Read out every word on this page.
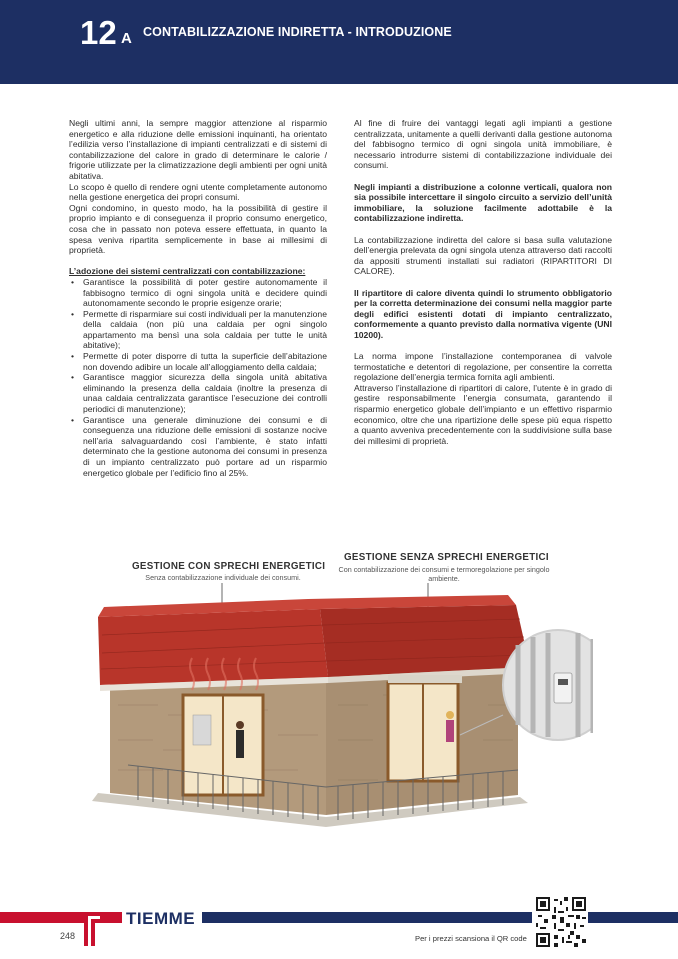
12 A CONTABILIZZAZIONE INDIRETTA - INTRODUZIONE

Negli ultimi anni, la sempre maggior attenzione al risparmio energetico e alla riduzione delle emissioni inquinanti, ha orientato l’edilizia verso l’installazione di impianti centralizzati e di sistemi di contabilizzazione del calore in grado di determinare le calorie / frigorie utilizzate per la climatizzazione degli ambienti per ogni unità abitativa.

Lo scopo è quello di rendere ogni utente completamente autonomo nella gestione energetica dei propri consumi.

Ogni condomino, in questo modo, ha la possibilità di gestire il proprio impianto e di conseguenza il proprio consumo energetico, cosa che in passato non poteva essere effettuata, in quanto la spesa veniva ripartita semplicemente in base ai millesimi di proprietà.

L’adozione dei sistemi centralizzati con contabilizzazione:

• Garantisce la possibilità di poter gestire autonomamente il fabbisogno termico di ogni singola unità e decidere quindi autonomamente secondo le proprie esigenze orarie;
• Permette di risparmiare sui costi individuali per la manutenzione della caldaia (non più una caldaia per ogni singolo appartamento ma bensì una sola caldaia per tutte le unità abitative);
• Permette di poter disporre di tutta la superficie dell’abitazione non dovendo adibire un locale all’alloggiamento della caldaia;
• Garantisce maggior sicurezza della singola unità abitativa eliminando la presenza della caldaia (inoltre la presenza di unaa caldaia centralizzata garantisce l’esecuzione dei controlli periodici di manutenzione);
• Garantisce una generale diminuzione dei consumi e di conseguenza una riduzione delle emissioni di sostanze nocive nell’aria salvaguardando così l’ambiente, è stato infatti determinato che la gestione autonoma dei consumi in presenza di un impianto centralizzato può portare ad un risparmio energetico globale per l’edificio fino al 25%.

Al fine di fruire dei vantaggi legati agli impianti a gestione centralizzata, unitamente a quelli derivanti dalla gestione autonoma del fabbisogno termico di ogni singola unità immobiliare, è necessario introdurre sistemi di contabilizzazione individuale dei consumi.

Negli impianti a distribuzione a colonne verticali, qualora non sia possibile intercettare il singolo circuito a servizio dell’unità immobiliare, la soluzione facilmente adottabile è la contabilizzazione indiretta.

La contabilizzazione indiretta del calore si basa sulla valutazione dell’energia prelevata da ogni singola utenza attraverso dati raccolti da appositi strumenti installati sui radiatori (RIPARTITORI DI CALORE).

Il ripartitore di calore diventa quindi lo strumento obbligatorio per la corretta determinazione dei consumi nella maggior parte degli edifici esistenti dotati di impianto centralizzato, conformemente a quanto previsto dalla normativa vigente (UNI 10200).

La norma impone l’installazione contemporanea di valvole termostatiche e detentori di regolazione, per consentire la corretta regolazione dell’energia termica fornita agli ambienti.

Attraverso l’installazione di ripartitori di calore, l’utente è in grado di gestire responsabilmente l’energia consumata, garantendo il risparmio energetico globale dell’impianto e un effettivo risparmio economico, oltre che una ripartizione delle spese più equa rispetto a quanto avveniva precedentemente con la suddivisione sulla base dei millesimi di proprietà.

GESTIONE CON SPRECHI ENERGETICI
Senza contabilizzazione individuale dei consumi.
GESTIONE SENZA SPRECHI ENERGETICI
Con contabilizzazione dei consumi e termoregolazione per singolo ambiente.
TIEMME
248	Per i prezzi scansiona il QR code
